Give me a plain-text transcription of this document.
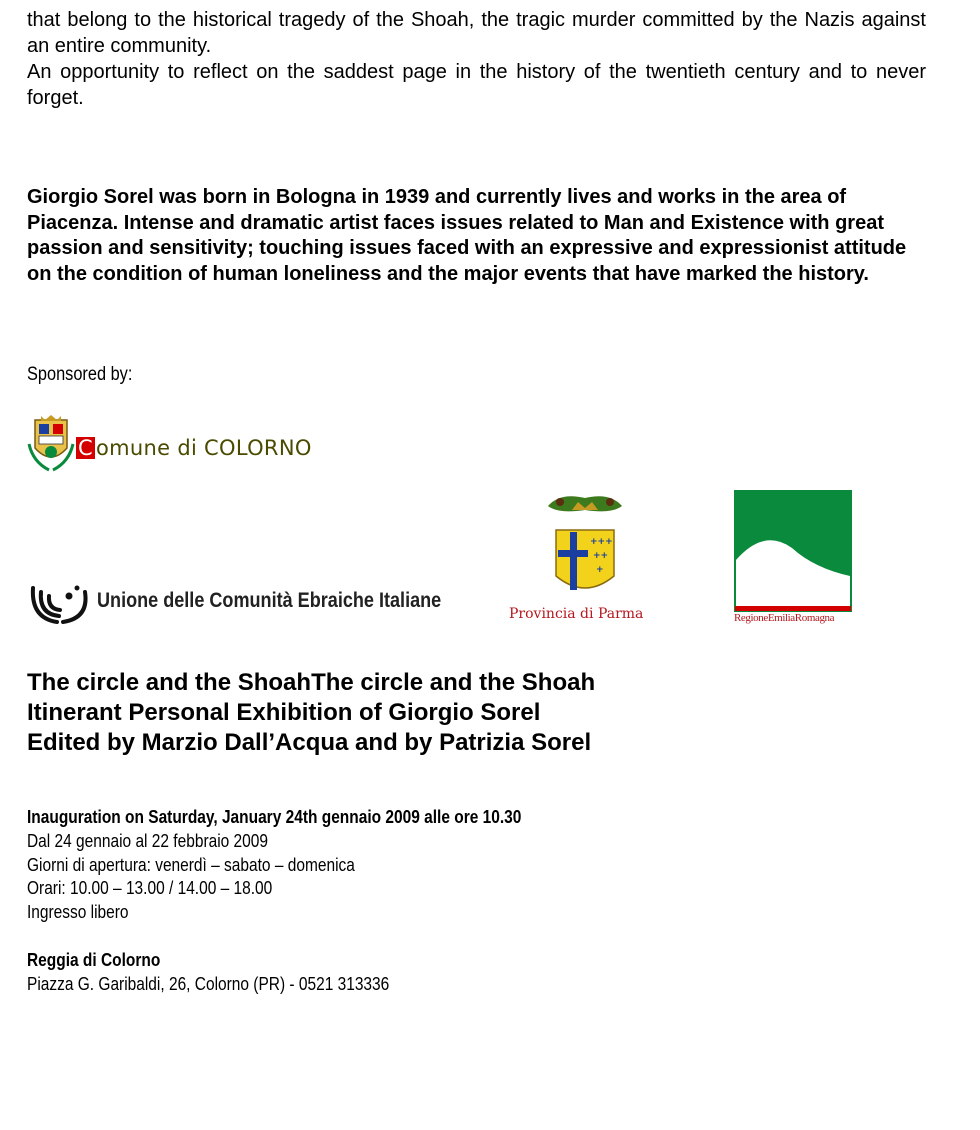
that belong to the historical tragedy of the Shoah, the tragic murder committed by the Nazis against an entire community.

An opportunity to reflect on the saddest page in the history of the twentieth century and to never forget.

Giorgio Sorel was born in Bologna in 1939 and currently lives and works in the area of Piacenza. Intense and dramatic artist faces issues related to Man and Existence with great passion and sensitivity; touching issues faced with an expressive and expressionist attitude on the condition of human loneliness and the major events that have marked the history.
Sponsored by:
C omune di COLORNO
Unione delle Comunità Ebraiche Italiane
+++
++
+
Provincia di Parma	RegioneEmiliaRomagna
The circle and the ShoahThe circle and the Shoah
Itinerant Personal Exhibition of Giorgio Sorel
Edited by Marzio Dall’Acqua and by Patrizia Sorel
Inauguration on Saturday, January 24th gennaio 2009 alle ore 10.30
Dal 24 gennaio al 22 febbraio 2009
Giorni di apertura: venerdì – sabato – domenica
Orari: 10.00 – 13.00 / 14.00 – 18.00
Ingresso libero
Reggia di Colorno
Piazza G. Garibaldi, 26, Colorno (PR) - 0521 313336
